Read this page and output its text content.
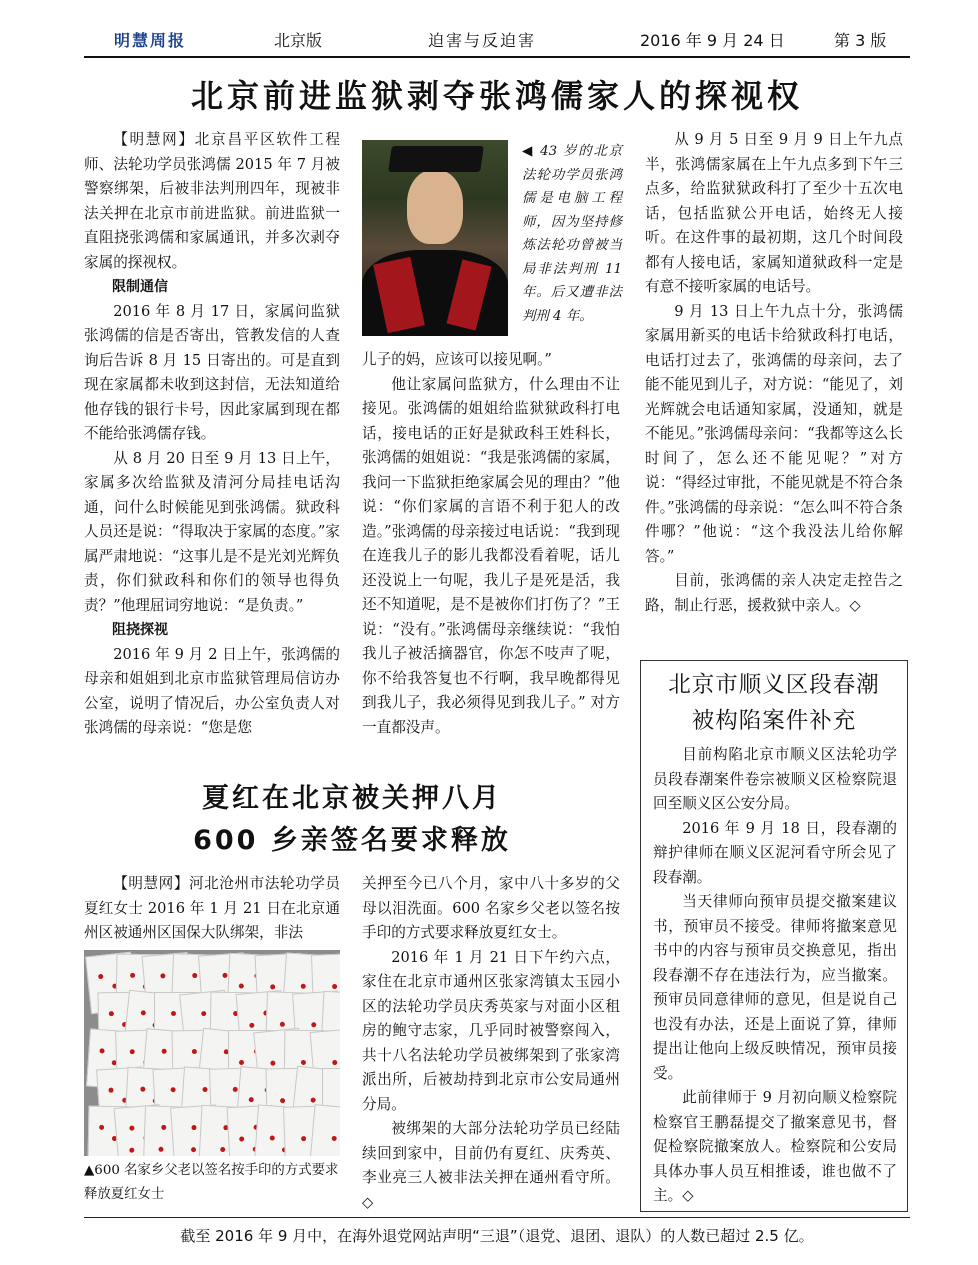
明慧周报	北京版	迫害与反迫害	2016 年 9 月 24 日	第 3 版
北京前进监狱剥夺张鸿儒家人的探视权

【明慧网】北京昌平区软件工程师、法轮功学员张鸿儒 2015 年 7 月被警察绑架，后被非法判刑四年，现被非法关押在北京市前进监狱。前进监狱一直阻挠张鸿儒和家属通讯，并多次剥夺家属的探视权。

限制通信

2016 年 8 月 17 日，家属问监狱张鸿儒的信是否寄出，管教发信的人查询后告诉 8 月 15 日寄出的。可是直到现在家属都未收到这封信，无法知道给他存钱的银行卡号，因此家属到现在都不能给张鸿儒存钱。

从 8 月 20 日至 9 月 13 日上午，家属多次给监狱及清河分局挂电话沟通，问什么时候能见到张鸿儒。狱政科人员还是说：“得取决于家属的态度。”家属严肃地说：“这事儿是不是光刘光辉负责，你们狱政科和你们的领导也得负责？”他理屈词穷地说：“是负责。”

阻挠探视

2016 年 9 月 2 日上午，张鸿儒的母亲和姐姐到北京市监狱管理局信访办公室，说明了情况后，办公室负责人对张鸿儒的母亲说：“您是您

◀ 43 岁的北京法轮功学员张鸿儒是电脑工程师，因为坚持修炼法轮功曾被当局非法判刑 11 年。后又遭非法判刑 4 年。

儿子的妈，应该可以接见啊。”

他让家属问监狱方，什么理由不让接见。张鸿儒的姐姐给监狱狱政科打电话，接电话的正好是狱政科王姓科长，张鸿儒的姐姐说：“我是张鸿儒的家属，我问一下监狱拒绝家属会见的理由？”他说：“你们家属的言语不利于犯人的改造。”张鸿儒的母亲接过电话说：“我到现在连我儿子的影儿我都没看着呢，话儿还没说上一句呢，我儿子是死是活，我还不知道呢，是不是被你们打伤了？”王说：“没有。”张鸿儒母亲继续说：“我怕我儿子被活摘器官，你怎不吱声了呢，你不给我答复也不行啊，我早晚都得见到我儿子，我必须得见到我儿子。” 对方一直都没声。

从 9 月 5 日至 9 月 9 日上午九点半，张鸿儒家属在上午九点多到下午三点多，给监狱狱政科打了至少十五次电话，包括监狱公开电话，始终无人接听。在这件事的最初期，这几个时间段都有人接电话，家属知道狱政科一定是有意不接听家属的电话号。

9 月 13 日上午九点十分，张鸿儒家属用新买的电话卡给狱政科打电话，电话打过去了，张鸿儒的母亲问，去了能不能见到儿子，对方说：“能见了，刘光辉就会电话通知家属，没通知，就是不能见。”张鸿儒母亲问：“我都等这么长时间了，怎么还不能见呢？”对方说：“得经过审批，不能见就是不符合条件。”张鸿儒的母亲说：“怎么叫不符合条件哪？”他说：“这个我没法儿给你解答。”

目前，张鸿儒的亲人决定走控告之路，制止行恶，援救狱中亲人。◇

夏红在北京被关押八月
600 乡亲签名要求释放

【明慧网】河北沧州市法轮功学员夏红女士 2016 年 1 月 21 日在北京通州区被通州区国保大队绑架，非法

▲600 名家乡父老以签名按手印的方式要求释放夏红女士

关押至今已八个月，家中八十多岁的父母以泪洗面。600 名家乡父老以签名按手印的方式要求释放夏红女士。

2016 年 1 月 21 日下午约六点，家住在北京市通州区张家湾镇太玉园小区的法轮功学员庆秀英家与对面小区租房的鲍守志家，几乎同时被警察闯入，共十八名法轮功学员被绑架到了张家湾派出所，后被劫持到北京市公安局通州分局。

被绑架的大部分法轮功学员已经陆续回到家中，目前仍有夏红、庆秀英、李业亮三人被非法关押在通州看守所。◇

北京市顺义区段春潮
被构陷案件补充

目前构陷北京市顺义区法轮功学员段春潮案件卷宗被顺义区检察院退回至顺义区公安分局。

2016 年 9 月 18 日，段春潮的辩护律师在顺义区泥河看守所会见了段春潮。

当天律师向预审员提交撤案建议书，预审员不接受。律师将撤案意见书中的内容与预审员交换意见，指出段春潮不存在违法行为，应当撤案。预审员同意律师的意见，但是说自己也没有办法，还是上面说了算，律师提出让他向上级反映情况，预审员接受。

此前律师于 9 月初向顺义检察院检察官王鹏磊提交了撤案意见书，督促检察院撤案放人。检察院和公安局具体办事人员互相推诿，谁也做不了主。◇

截至 2016 年 9 月中，在海外退党网站声明“三退”（退党、退团、退队）的人数已超过 2.5 亿。
